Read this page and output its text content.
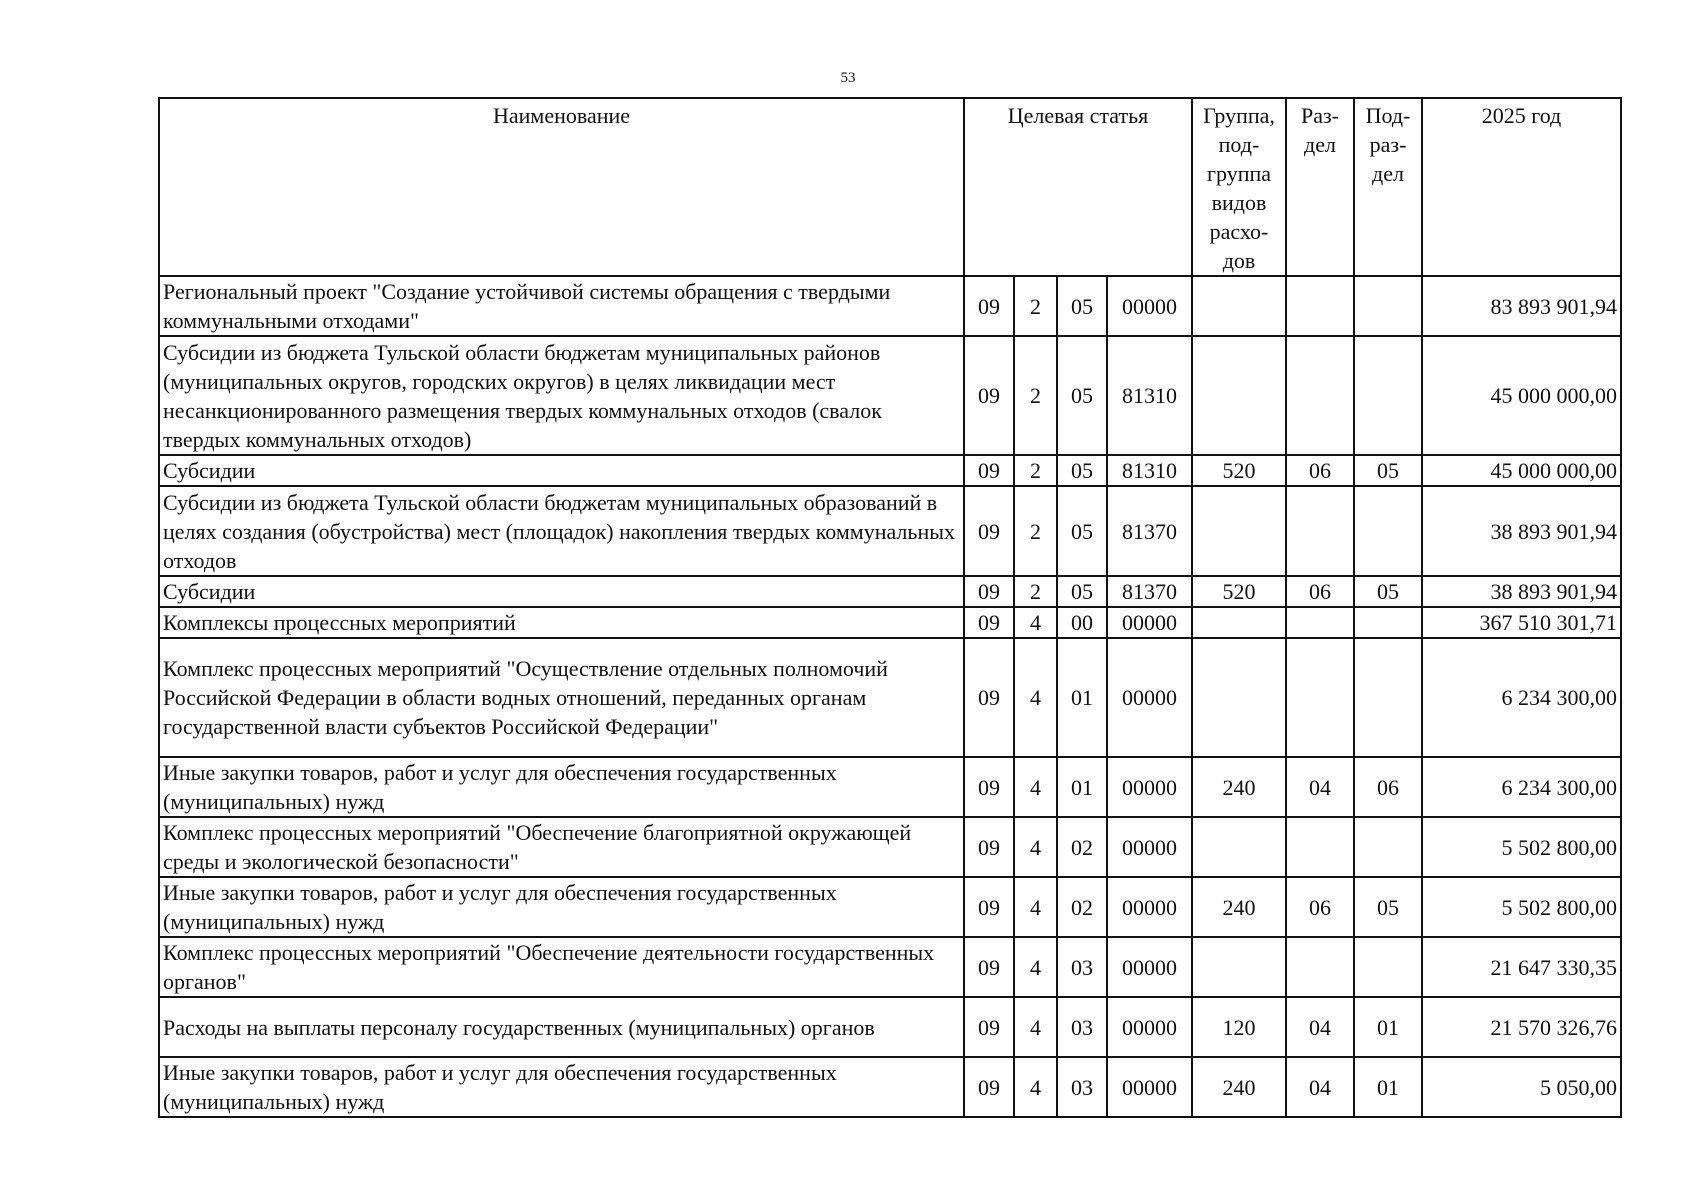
53
Наименование	Целевая статья				Группа, под-группа видов расхо-дов	Раз-дел	Под-раз-дел	2025 год
Региональный проект "Создание устойчивой системы обращения с твердыми коммунальными отходами"	09	2	05	00000				83 893 901,94
Субсидии из бюджета Тульской области бюджетам муниципальных районов (муниципальных округов, городских округов) в целях ликвидации мест несанкционированного размещения твердых коммунальных отходов (свалок твердых коммунальных отходов)	09	2	05	81310				45 000 000,00
Субсидии	09	2	05	81310	520	06	05	45 000 000,00
Субсидии из бюджета Тульской области бюджетам муниципальных образований в целях создания (обустройства) мест (площадок) накопления твердых коммунальных отходов	09	2	05	81370				38 893 901,94
Субсидии	09	2	05	81370	520	06	05	38 893 901,94
Комплексы процессных мероприятий	09	4	00	00000				367 510 301,71
Комплекс процессных мероприятий "Осуществление отдельных полномочий Российской Федерации в области водных отношений, переданных органам государственной власти субъектов Российской Федерации"	09	4	01	00000				6 234 300,00
Иные закупки товаров, работ и услуг для обеспечения государственных (муниципальных) нужд	09	4	01	00000	240	04	06	6 234 300,00
Комплекс процессных мероприятий "Обеспечение благоприятной окружающей среды и экологической безопасности"	09	4	02	00000				5 502 800,00
Иные закупки товаров, работ и услуг для обеспечения государственных (муниципальных) нужд	09	4	02	00000	240	06	05	5 502 800,00
Комплекс процессных мероприятий "Обеспечение деятельности государственных органов"	09	4	03	00000				21 647 330,35
Расходы на выплаты персоналу государственных (муниципальных) органов	09	4	03	00000	120	04	01	21 570 326,76
Иные закупки товаров, работ и услуг для обеспечения государственных (муниципальных) нужд	09	4	03	00000	240	04	01	5 050,00
